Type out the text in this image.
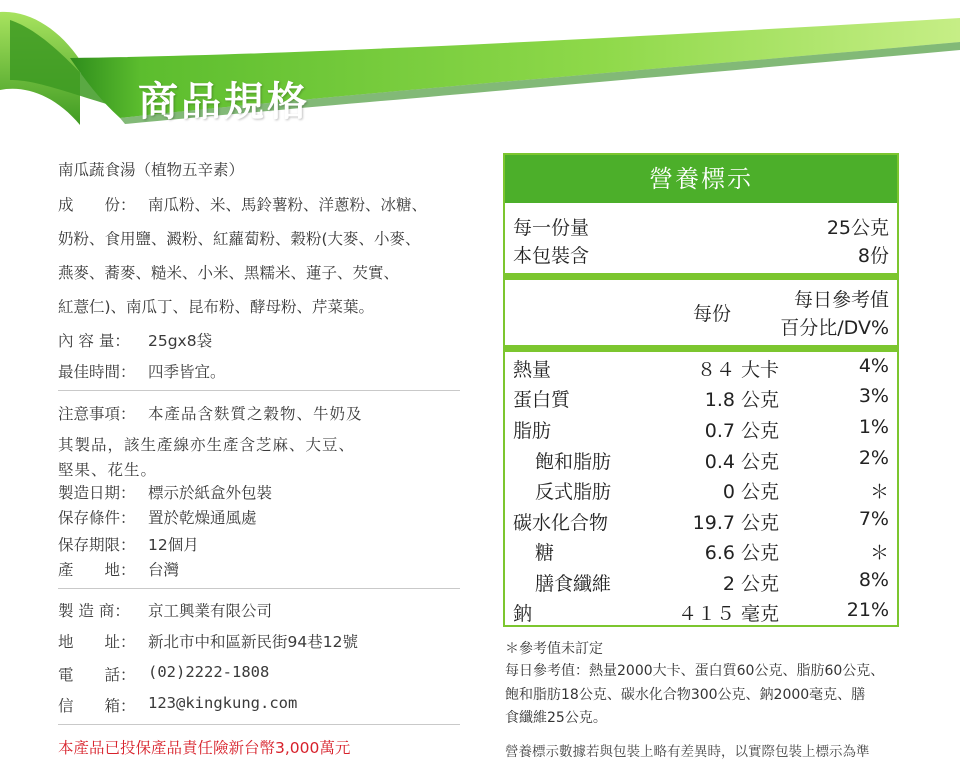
商品規格
南瓜蔬食湯（植物五辛素）
成　　份： 南瓜粉、米、馬鈴薯粉、洋蔥粉、冰糖、
奶粉、食用鹽、澱粉、紅蘿蔔粉、穀粉(大麥、小麥、
燕麥、蕎麥、糙米、小米、黑糯米、蓮子、芡實、
紅薏仁)、南瓜丁、昆布粉、酵母粉、芹菜葉。
內 容 量： 25gx8袋
最佳時間： 四季皆宜。
注意事項： 本產品含麩質之穀物、牛奶及
其製品，該生產線亦生產含芝麻、大豆、
堅果、花生。
製造日期： 標示於紙盒外包裝
保存條件： 置於乾燥通風處
保存期限： 12個月
產　　地： 台灣
製 造 商： 京工興業有限公司
地　　址： 新北市中和區新民街94巷12號
電　　話： (02)2222-1808
信　　箱： 123@kingkung.com
本產品已投保產品責任險新台幣3,000萬元
營養標示
每一份量	25公克
本包裝含	8份
每份
每日參考值
百分比/DV%
熱量	８４ 大卡	4%
蛋白質	1.8 公克	3%
脂肪	0.7 公克	1%
飽和脂肪	0.4 公克	2%
反式脂肪	0 公克	＊
碳水化合物	19.7 公克	7%
糖	6.6 公克	＊
膳食纖維	2 公克	8%
鈉	４１５ 毫克	21%
＊參考值未訂定
每日參考值：熱量2000大卡、蛋白質60公克、脂肪60公克、
飽和脂肪18公克、碳水化合物300公克、鈉2000毫克、膳
食纖維25公克。
營養標示數據若與包裝上略有差異時，以實際包裝上標示為準
